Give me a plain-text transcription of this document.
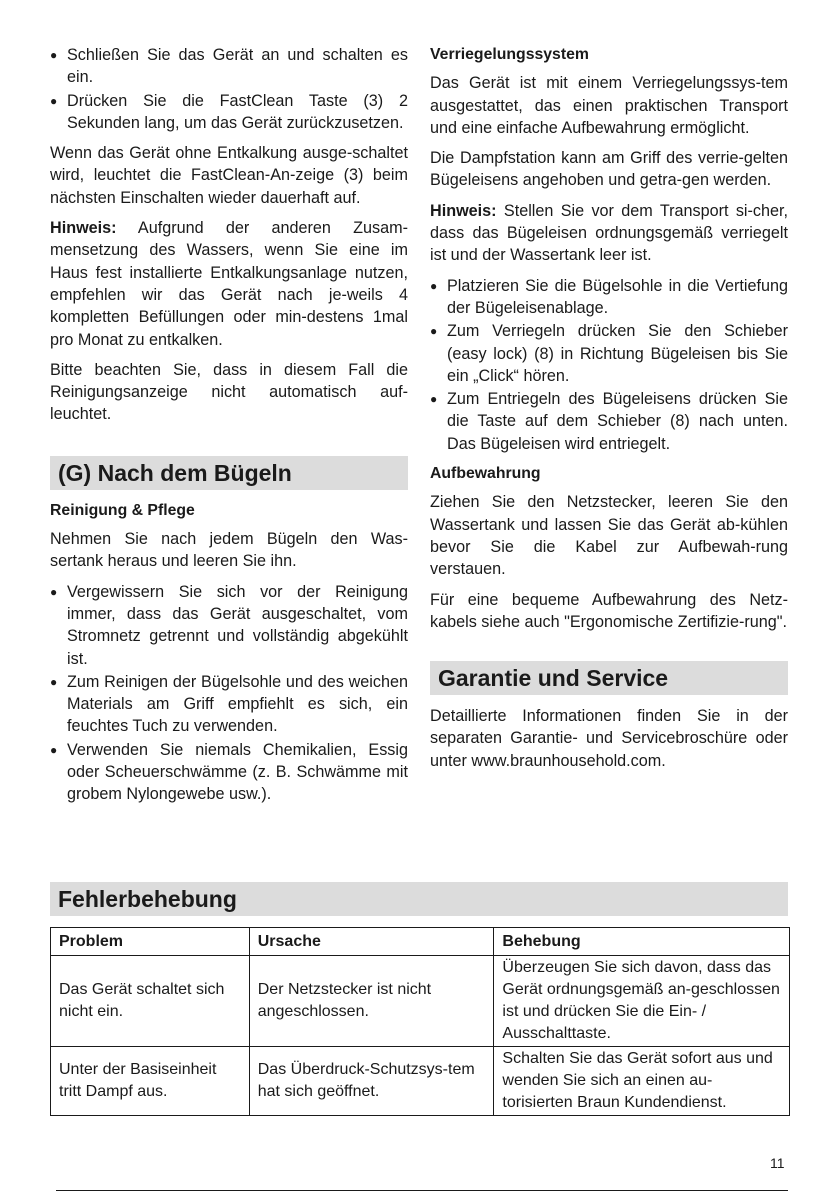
● Schließen Sie das Gerät an und schalten es ein.
● Drücken Sie die FastClean Taste (3) 2 Sekunden lang, um das Gerät zurückzusetzen.

Wenn das Gerät ohne Entkalkung ausge-schaltet wird, leuchtet die FastClean-An-zeige (3) beim nächsten Einschalten wieder dauerhaft auf.

Hinweis: Aufgrund der anderen Zusam-mensetzung des Wassers, wenn Sie eine im Haus fest installierte Entkalkungsanlage nutzen, empfehlen wir das Gerät nach je-weils 4 kompletten Befüllungen oder min-destens 1mal pro Monat zu entkalken.

Bitte beachten Sie, dass in diesem Fall die Reinigungsanzeige nicht automatisch auf-leuchtet.

(G) Nach dem Bügeln
Reinigung & Pflege

Nehmen Sie nach jedem Bügeln den Was-sertank heraus und leeren Sie ihn.

● Vergewissern Sie sich vor der Reinigung immer, dass das Gerät ausgeschaltet, vom Stromnetz getrennt und vollständig abgekühlt ist.
● Zum Reinigen der Bügelsohle und des weichen Materials am Griff empfiehlt es sich, ein feuchtes Tuch zu verwenden.
● Verwenden Sie niemals Chemikalien, Essig oder Scheuerschwämme (z. B. Schwämme mit grobem Nylongewebe usw.).
Verriegelungssystem

Das Gerät ist mit einem Verriegelungssys-tem ausgestattet, das einen praktischen Transport und eine einfache Aufbewahrung ermöglicht.

Die Dampfstation kann am Griff des verrie-gelten Bügeleisens angehoben und getra-gen werden.

Hinweis: Stellen Sie vor dem Transport si-cher, dass das Bügeleisen ordnungsgemäß verriegelt ist und der Wassertank leer ist.

● Platzieren Sie die Bügelsohle in die Vertiefung der Bügeleisenablage.
● Zum Verriegeln drücken Sie den Schieber (easy lock) (8) in Richtung Bügeleisen bis Sie ein „Click“ hören.
● Zum Entriegeln des Bügeleisens drücken Sie die Taste auf dem Schieber (8) nach unten. Das Bügeleisen wird entriegelt.
Aufbewahrung

Ziehen Sie den Netzstecker, leeren Sie den Wassertank und lassen Sie das Gerät ab-kühlen bevor Sie die Kabel zur Aufbewah-rung verstauen.

Für eine bequeme Aufbewahrung des Netz-kabels siehe auch "Ergonomische Zertifizie-rung".

Garantie und Service

Detaillierte Informationen finden Sie in der separaten Garantie- und Servicebroschüre oder unter www.braunhousehold.com.

Fehlerbehebung
Problem	Ursache	Behebung
Das Gerät schaltet sich nicht ein.	Der Netzstecker ist nicht angeschlossen.	Überzeugen Sie sich davon, dass das Gerät ordnungsgemäß an-geschlossen ist und drücken Sie die Ein- / Ausschalttaste.
Unter der Basiseinheit tritt Dampf aus.	Das Überdruck-Schutzsys-tem hat sich geöffnet.	Schalten Sie das Gerät sofort aus und wenden Sie sich an einen au-torisierten Braun Kundendienst.
11
